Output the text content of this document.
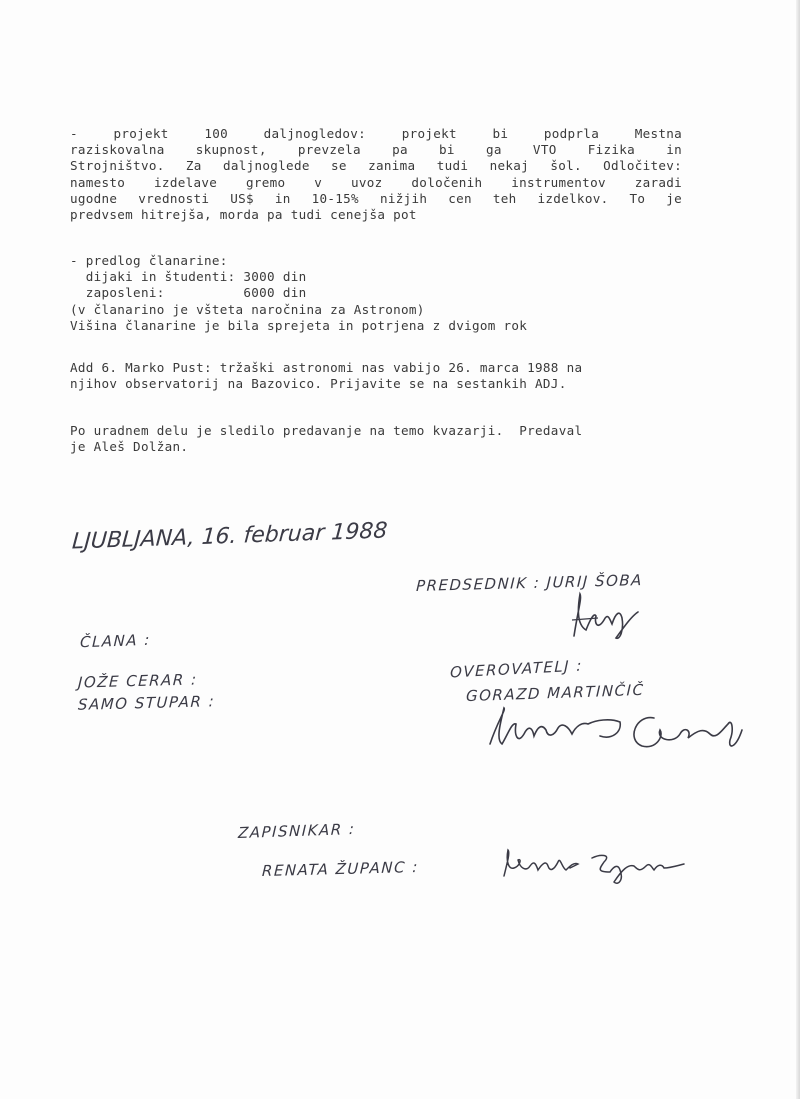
- projekt 100 daljnogledov: projekt bi podprla Mestna
raziskovalna skupnost, prevzela pa bi ga VTO Fizika in
Strojništvo. Za daljnoglede se zanima tudi nekaj šol. Odločitev:
namesto izdelave gremo v uvoz določenih instrumentov zaradi
ugodne vrednosti US$ in 10-15% nižjih cen teh izdelkov. To je
predvsem hitrejša, morda pa tudi cenejša pot
- predlog članarine:
dijaki in študenti: 3000 din
zaposleni:          6000 din
(v članarino je všteta naročnina za Astronom)
Višina članarine je bila sprejeta in potrjena z dvigom rok
Add 6. Marko Pust: tržaški astronomi nas vabijo 26. marca 1988 na
njihov observatorij na Bazovico. Prijavite se na sestankih ADJ.
Po uradnem delu je sledilo predavanje na temo kvazarji.  Predaval
je Aleš Dolžan.
LJUBLJANA, 16. februar 1988
PREDSEDNIK : JURIJ ŠOBA
ČLANA :
JOŽE CERAR :
SAMO STUPAR :
OVEROVATELJ :
GORAZD MARTINČIČ
ZAPISNIKAR :
RENATA ŽUPANC :
